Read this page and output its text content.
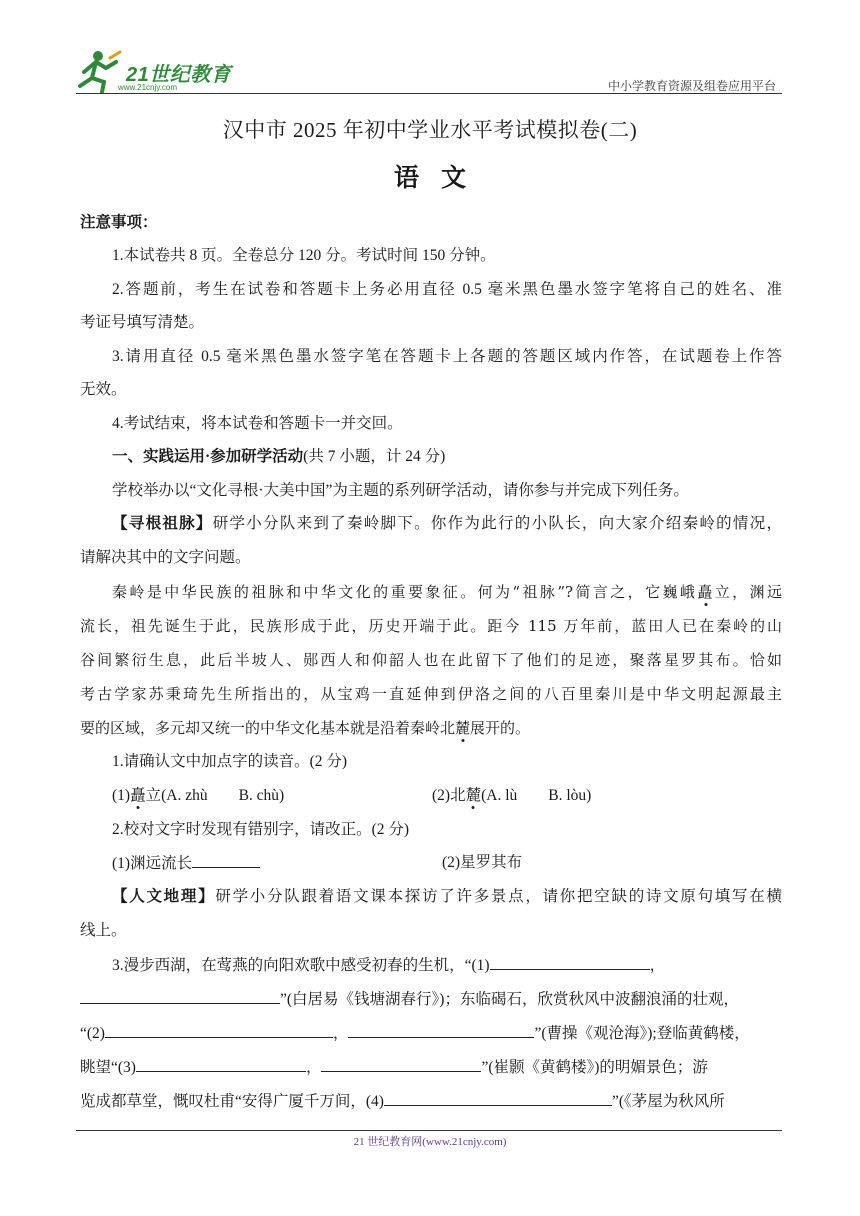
21世纪教育
www.21cnjy.com	中小学教育资源及组卷应用平台
汉中市 2025 年初中学业水平考试模拟卷(二)
语文
注意事项：
1.本试卷共 8 页。全卷总分 120 分。考试时间 150 分钟。
2.答题前，考生在试卷和答题卡上务必用直径 0.5 毫米黑色墨水签字笔将自己的姓名、准
考证号填写清楚。
3.请用直径 0.5 毫米黑色墨水签字笔在答题卡上各题的答题区域内作答，在试题卷上作答
无效。
4.考试结束，将本试卷和答题卡一并交回。
一、实践运用·参加研学活动(共 7 小题，计 24 分)
学校举办以“文化寻根·大美中国”为主题的系列研学活动，请你参与并完成下列任务。
【寻根祖脉】研学小分队来到了秦岭脚下。你作为此行的小队长，向大家介绍秦岭的情况，
请解决其中的文字问题。
秦岭是中华民族的祖脉和中华文化的重要象征。何为“祖脉”?简言之，它巍峨矗立，渊远
流长，祖先诞生于此，民族形成于此，历史开端于此。距今 115 万年前，蓝田人已在秦岭的山
谷间繁衍生息，此后半坡人、郧西人和仰韶人也在此留下了他们的足迹，聚落星罗其布。恰如
考古学家苏秉琦先生所指出的，从宝鸡一直延伸到伊洛之间的八百里秦川是中华文明起源最主
要的区域，多元却又统一的中华文化基本就是沿着秦岭北麓展开的。
1.请确认文中加点字的读音。(2 分)
(1)矗立(A. zhù　　B. chù)	(2)北麓(A. lù　　B. lòu)
2.校对文字时发现有错别字，请改正。(2 分)
(1)渊远流长	(2)星罗其布
【人文地理】研学小分队跟着语文课本探访了许多景点，请你把空缺的诗文原句填写在横
线上。
3.漫步西湖，在莺燕的向阳欢歌中感受初春的生机，“(1)	，
”(白居易《钱塘湖春行》)；东临碣石，欣赏秋风中波翻浪涌的壮观，
“(2)	，	”(曹操《观沧海》);登临黄鹤楼，
眺望“(3)	，	”(崔颢《黄鹤楼》)的明媚景色；游
览成都草堂，慨叹杜甫“安得广厦千万间，(4)	”(《茅屋为秋风所
21 世纪教育网(www.21cnjy.com)
